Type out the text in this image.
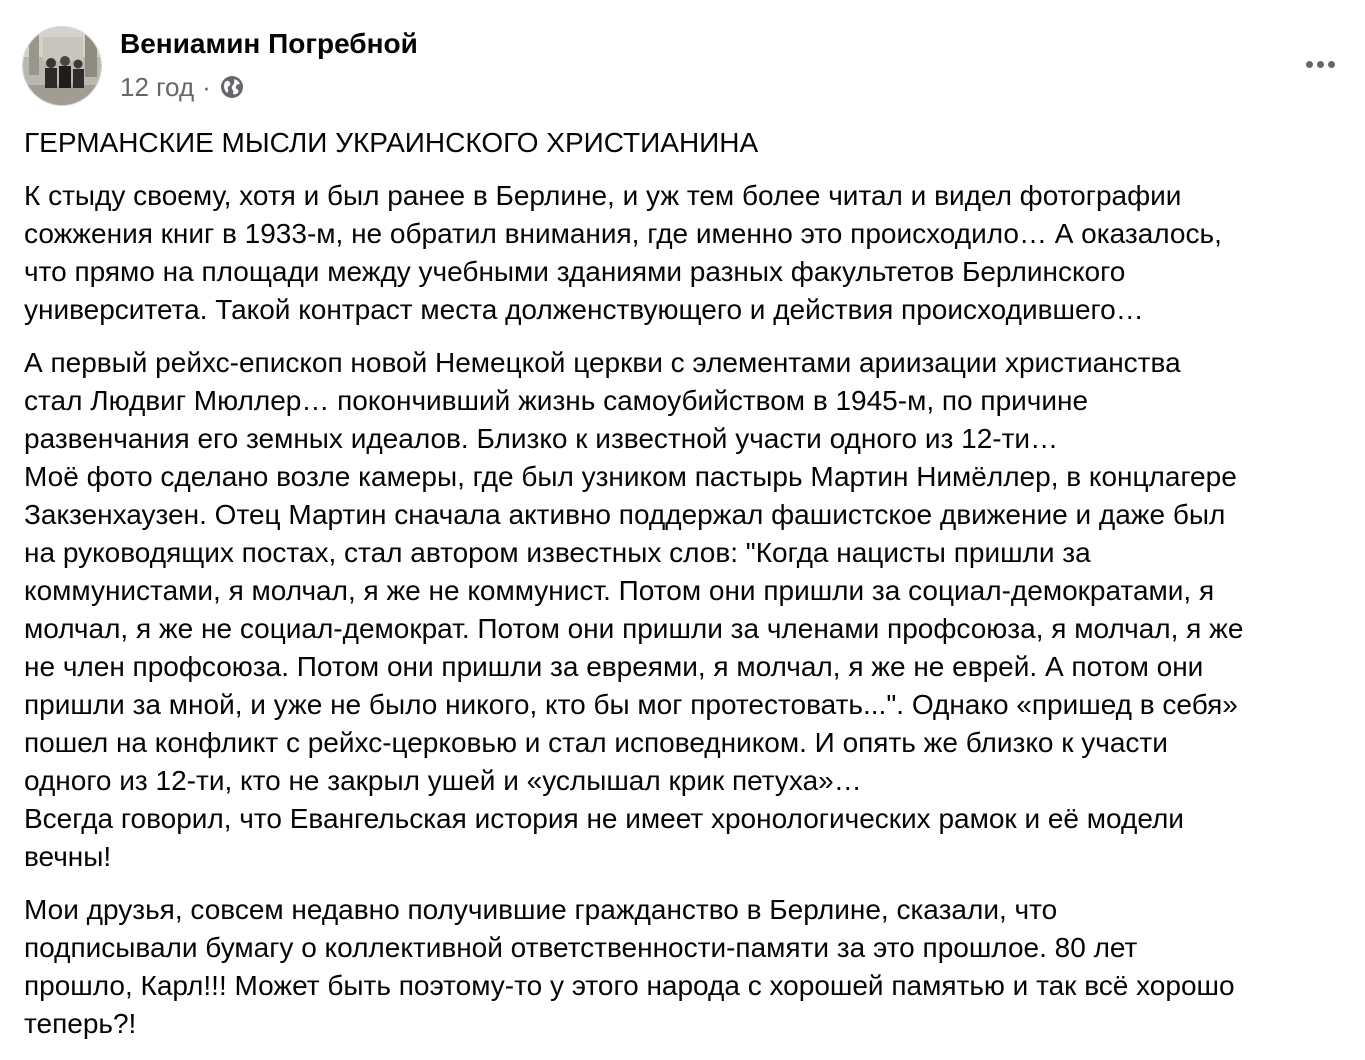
Вениамин Погребной
12 год ·

ГЕРМАНСКИЕ МЫСЛИ УКРАИНСКОГО ХРИСТИАНИНА

К стыду своему, хотя и был ранее в Берлине, и уж тем более читал и видел фотографии

сожжения книг в 1933-м, не обратил внимания, где именно это происходило… А оказалось,

что прямо на площади между учебными зданиями разных факультетов Берлинского

университета. Такой контраст места долженствующего и действия происходившего…

А первый рейхс-епископ новой Немецкой церкви с элементами ариизации христианства

стал Людвиг Мюллер… покончивший жизнь самоубийством в 1945-м, по причине

развенчания его земных идеалов. Близко к известной участи одного из 12-ти…

Моё фото сделано возле камеры, где был узником пастырь Мартин Нимёллер, в концлагере

Закзенхаузен. Отец Мартин сначала активно поддержал фашистское движение и даже был

на руководящих постах, стал автором известных слов: "Когда нацисты пришли за

коммунистами, я молчал, я же не коммунист. Потом они пришли за социал-демократами, я

молчал, я же не социал-демократ. Потом они пришли за членами профсоюза, я молчал, я же

не член профсоюза. Потом они пришли за евреями, я молчал, я же не еврей. А потом они

пришли за мной, и уже не было никого, кто бы мог протестовать...". Однако «пришед в себя»

пошел на конфликт с рейхс-церковью и стал исповедником. И опять же близко к участи

одного из 12-ти, кто не закрыл ушей и «услышал крик петуха»…

Всегда говорил, что Евангельская история не имеет хронологических рамок и её модели

вечны!

Мои друзья, совсем недавно получившие гражданство в Берлине, сказали, что

подписывали бумагу о коллективной ответственности-памяти за это прошлое. 80 лет

прошло, Карл!!! Может быть поэтому-то у этого народа с хорошей памятью и так всё хорошо

теперь?!
